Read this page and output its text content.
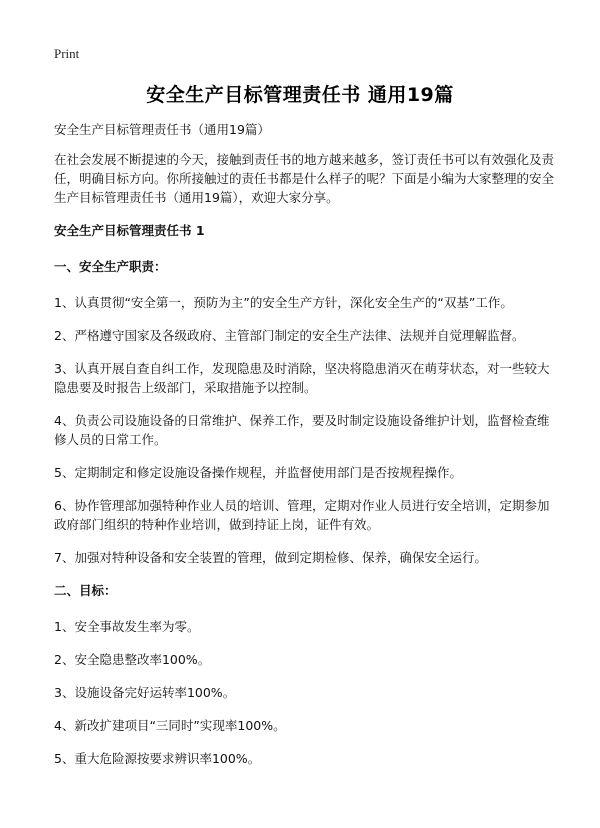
Print
安全生产目标管理责任书 通用19篇

安全生产目标管理责任书（通用19篇）

在社会发展不断提速的今天，接触到责任书的地方越来越多，签订责任书可以有效强化及责任，明确目标方向。你所接触过的责任书都是什么样子的呢？下面是小编为大家整理的安全生产目标管理责任书（通用19篇），欢迎大家分享。

安全生产目标管理责任书 1

一、安全生产职责：

1、认真贯彻“安全第一，预防为主”的安全生产方针，深化安全生产的“双基”工作。

2、严格遵守国家及各级政府、主管部门制定的安全生产法律、法规并自觉理解监督。

3、认真开展自查自纠工作，发现隐患及时消除，坚决将隐患消灭在萌芽状态，对一些较大隐患要及时报告上级部门，采取措施予以控制。

4、负责公司设施设备的日常维护、保养工作，要及时制定设施设备维护计划，监督检查维修人员的日常工作。

5、定期制定和修定设施设备操作规程，并监督使用部门是否按规程操作。

6、协作管理部加强特种作业人员的培训、管理，定期对作业人员进行安全培训，定期参加政府部门组织的特种作业培训，做到持证上岗，证件有效。

7、加强对特种设备和安全装置的管理，做到定期检修、保养，确保安全运行。

二、目标：

1、安全事故发生率为零。

2、安全隐患整改率100%。

3、设施设备完好运转率100%。

4、新改扩建项目“三同时”实现率100%。

5、重大危险源按要求辨识率100%。
